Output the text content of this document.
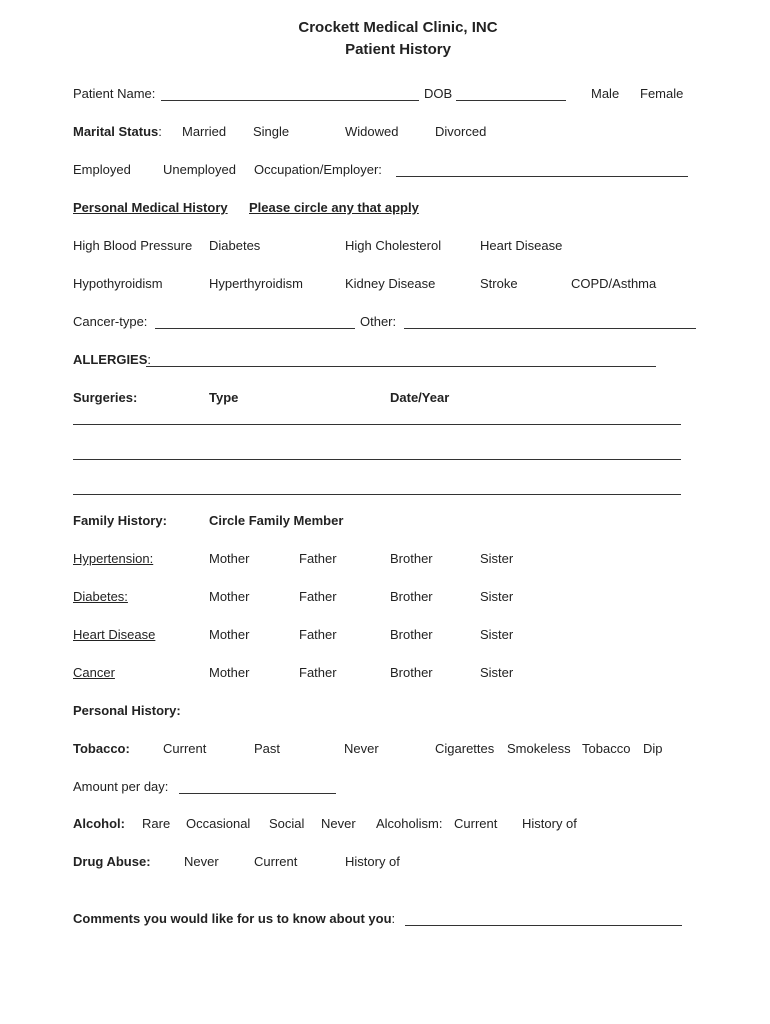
Crockett Medical Clinic, INC
Patient History
Patient Name:	DOB	Male Female
Marital Status: Married Single	Widowed	Divorced
Employed Unemployed Occupation/Employer:
Personal Medical History Please circle any that apply
High Blood Pressure Diabetes	High Cholesterol	Heart Disease
Hypothyroidism	Hyperthyroidism	Kidney Disease	Stroke	COPD/Asthma
Cancer-type:	Other:
ALLERGIES:
Surgeries:	Type	Date/Year
Family History:	Circle Family Member
Hypertension:	Mother	Father	Brother	Sister
Diabetes:	Mother	Father	Brother	Sister
Heart Disease	Mother	Father	Brother	Sister
Cancer	Mother	Father	Brother	Sister
Personal History:
Tobacco:	Current	Past	Never	Cigarettes Smokeless Tobacco Dip
Amount per day:
Alcohol: Rare Occasional Social Never Alcoholism: Current History of
Drug Abuse:	Never	Current	History of
Comments you would like for us to know about you:
